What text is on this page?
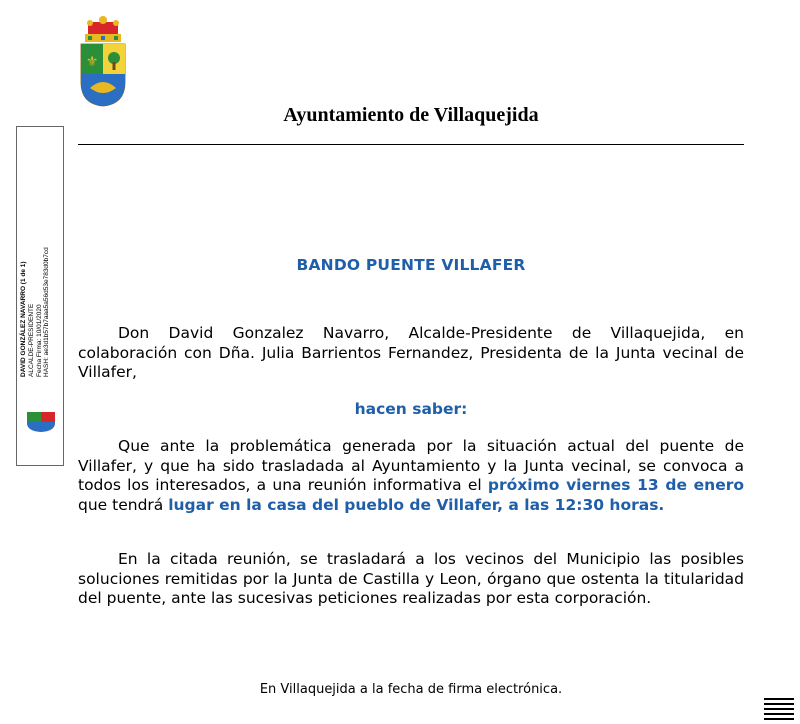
⚜
Ayuntamiento de Villaquejida
DAVID GONZÁLEZ NAVARRO (1 de 1) ALCALDE-PRESIDENTE Fecha Firma: 10/01/2020 HASH: ae3d1b57b7aaa5a56d53e783d0b7cd	BANDO PUENTE VILLAFER
Don David Gonzalez Navarro, Alcalde-Presidente de Villaquejida, en colaboración con Dña. Julia Barrientos Fernandez, Presidenta de la Junta vecinal de Villafer,
hacen saber:
Que ante la problemática generada por la situación actual del puente de Villafer, y que ha sido trasladada al Ayuntamiento y la Junta vecinal, se convoca a todos los interesados, a una reunión informativa el próximo viernes 13 de enero que tendrá lugar en la casa del pueblo de Villafer, a las 12:30 horas.
En la citada reunión, se trasladará a los vecinos del Municipio las posibles soluciones remitidas por la Junta de Castilla y Leon, órgano que ostenta la titularidad del puente, ante las sucesivas peticiones realizadas por esta corporación.
En Villaquejida a la fecha de firma electrónica.
